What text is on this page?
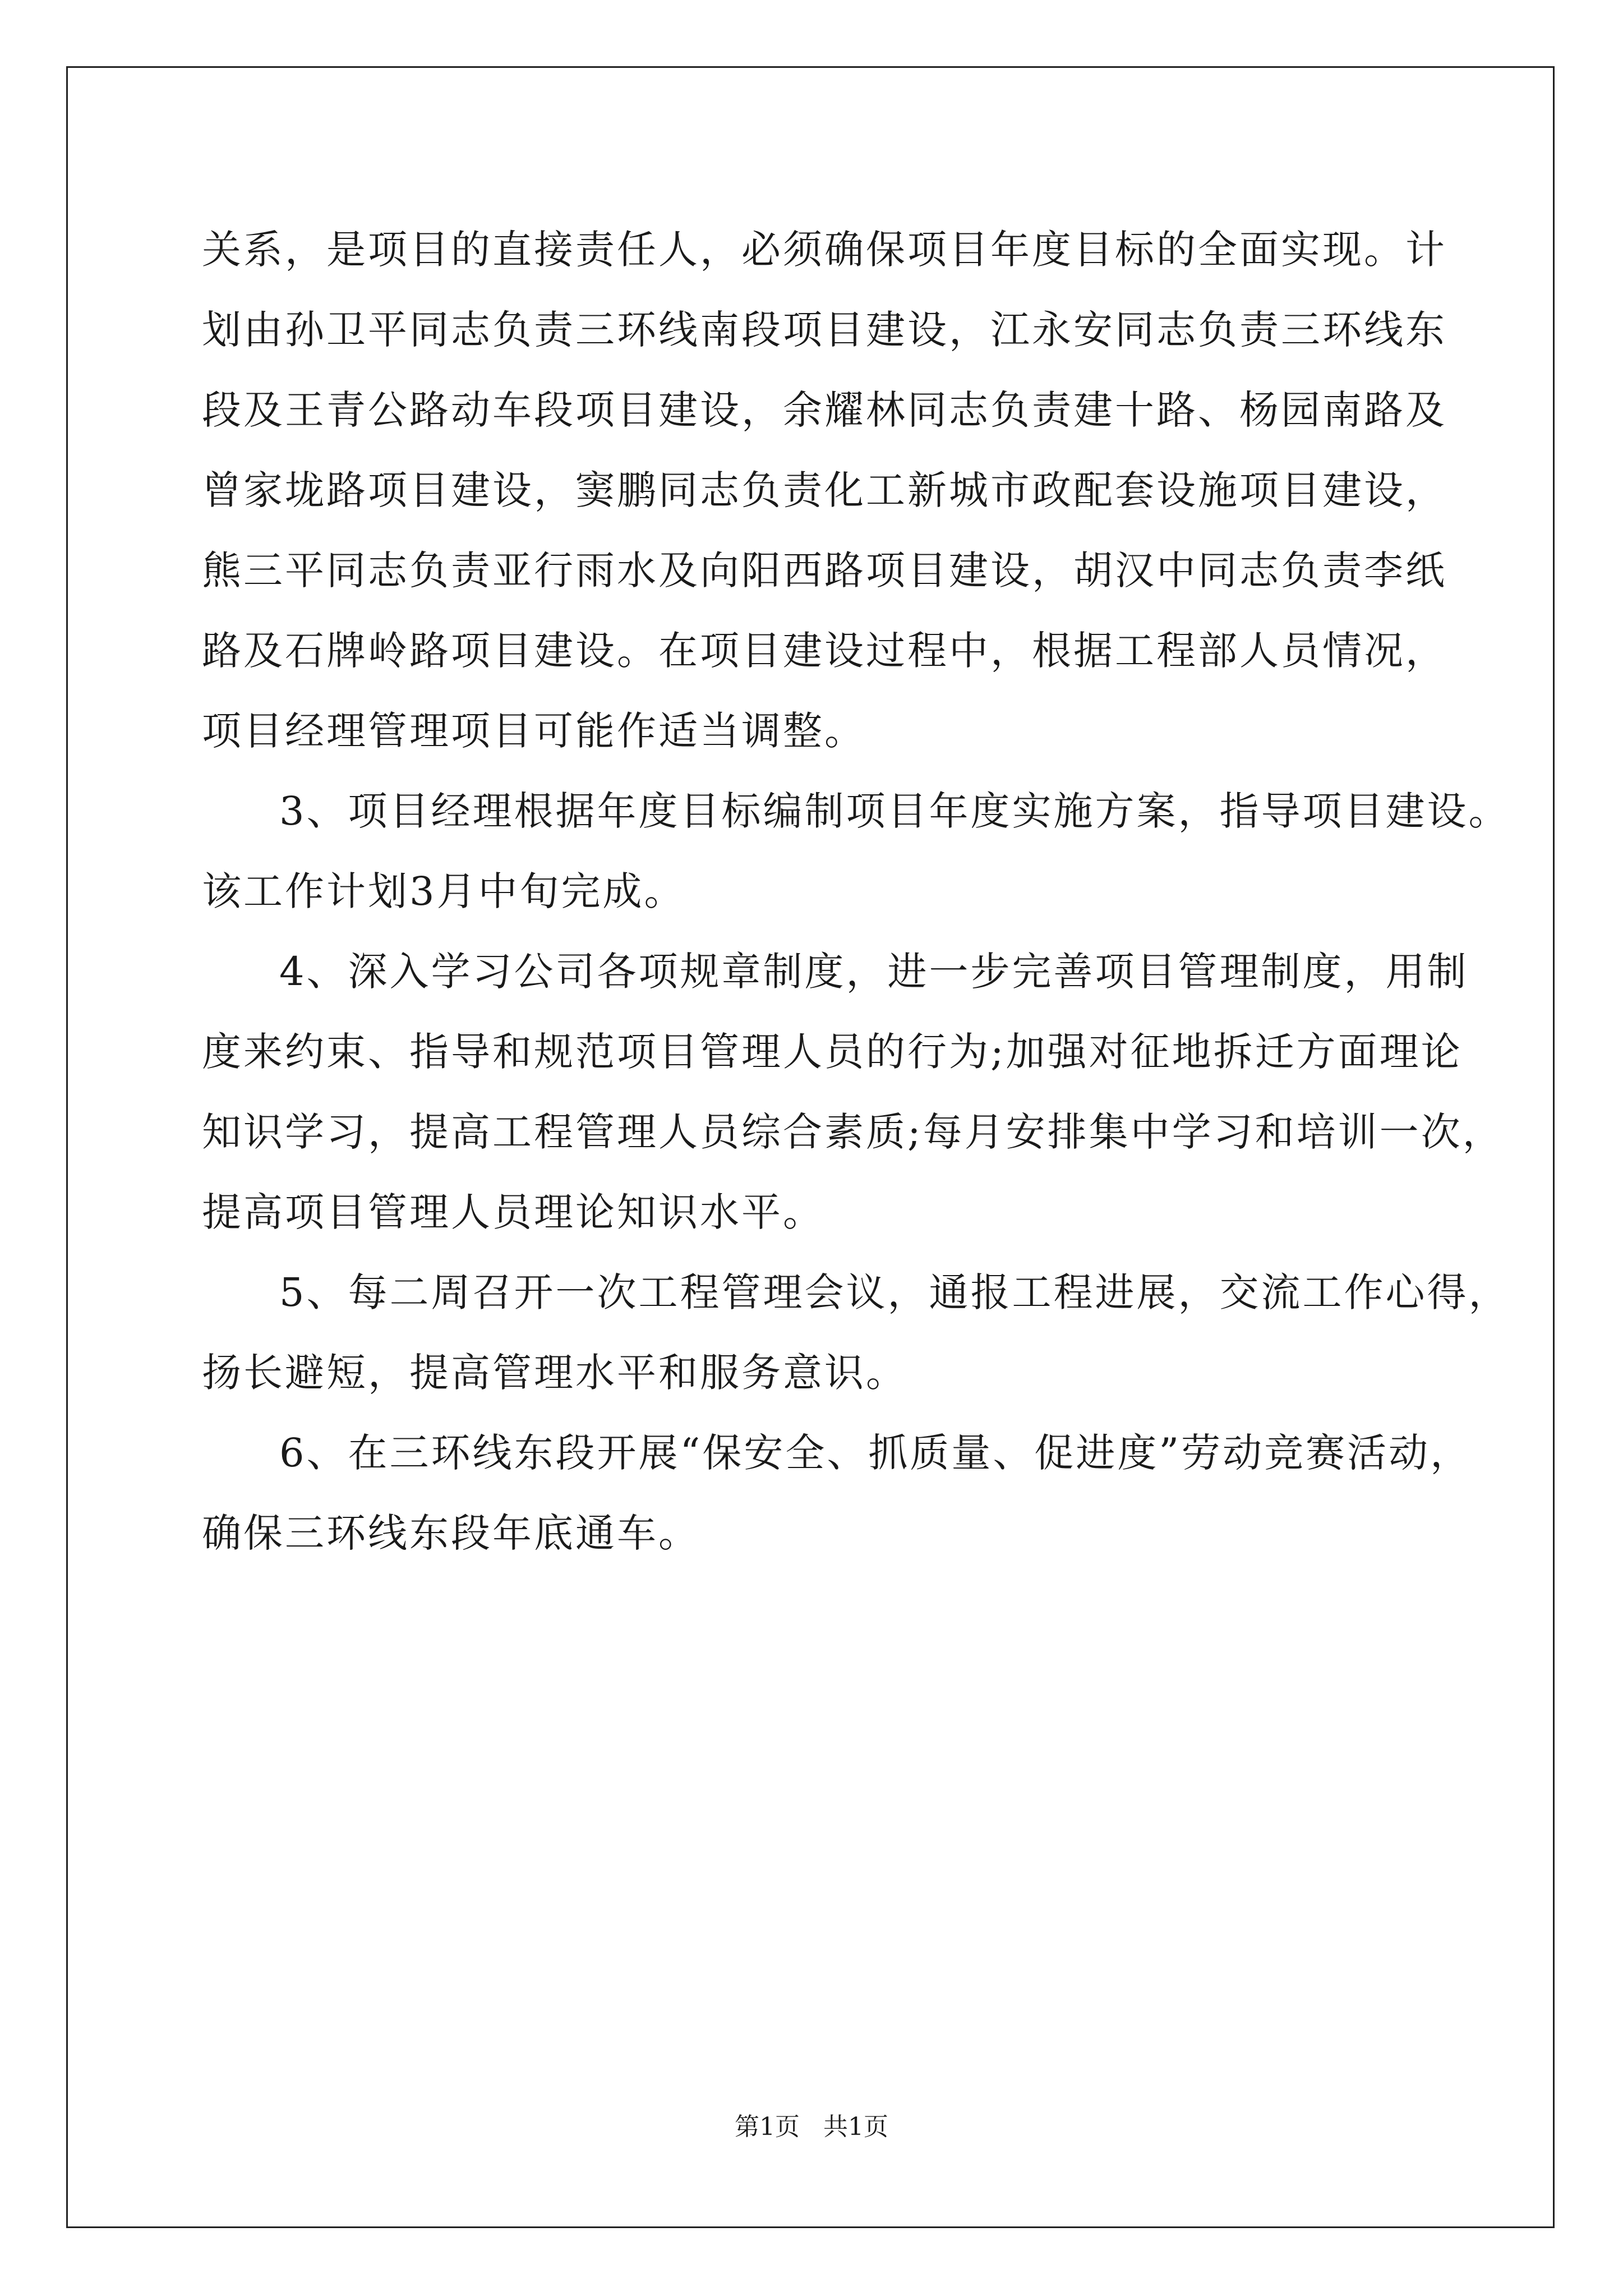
关系，是项目的直接责任人，必须确保项目年度目标的全面实现。计
划由孙卫平同志负责三环线南段项目建设，江永安同志负责三环线东
段及王青公路动车段项目建设，余耀林同志负责建十路、杨园南路及
曾家垅路项目建设，窦鹏同志负责化工新城市政配套设施项目建设，
熊三平同志负责亚行雨水及向阳西路项目建设，胡汉中同志负责李纸
路及石牌岭路项目建设。在项目建设过程中，根据工程部人员情况，
项目经理管理项目可能作适当调整。
3、项目经理根据年度目标编制项目年度实施方案，指导项目建设。
该工作计划3月中旬完成。
4、深入学习公司各项规章制度，进一步完善项目管理制度，用制
度来约束、指导和规范项目管理人员的行为;加强对征地拆迁方面理论
知识学习，提高工程管理人员综合素质;每月安排集中学习和培训一次，
提高项目管理人员理论知识水平。
5、每二周召开一次工程管理会议，通报工程进展，交流工作心得，
扬长避短，提高管理水平和服务意识。
6、在三环线东段开展“保安全、抓质量、促进度”劳动竞赛活动，
确保三环线东段年底通车。
第1页   共1页
